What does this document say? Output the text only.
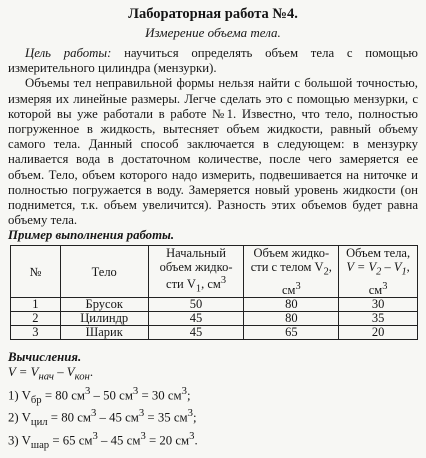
Лабораторная работа №4.
Измерение объема тела.

Цель работы: научиться определять объем тела с помощью измерительного цилиндра (мензурки).

Объемы тел неправильной формы нельзя найти с большой точностью, измеряя их линейные размеры. Легче сделать это с помощью мензурки, с которой вы уже работали в работе №1. Известно, что тело, полностью погруженное в жидкость, вытесняет объем жидкости, равный объему самого тела. Данный способ заключается в следующем: в мензурку наливается вода в достаточном количестве, после чего замеряется ее объем. Тело, объем которого надо измерить, подвешивается на ниточке и полностью погружается в воду. Замеряется новый уровень жидкости (он поднимется, т.к. объем увеличится). Разность этих объемов будет равна объему тела.

Пример выполнения работы.
№	Тело	Начальный
объем жидко-
сти $V_1$, $см^3$	Объем жидко-
сти с телом $V_2$,
$см^3$	Объем тела,
$V = V_2 - V_1$,
$см^3$
1	Брусок	50	80	30
2	Цилиндр	45	80	35
3	Шарик	45	65	20
Вычисления.
$V = V_{нач} - V_{кон}$.
1) $V_{бр} = 80$ $см^3 - 50$ $см^3 = 30$ $см^3$;
2) $V_{цил} = 80$ $см^3 - 45$ $см^3 = 35$ $см^3$;
3) $V_{шар} = 65$ $см^3 - 45$ $см^3 = 20$ $см^3$.
